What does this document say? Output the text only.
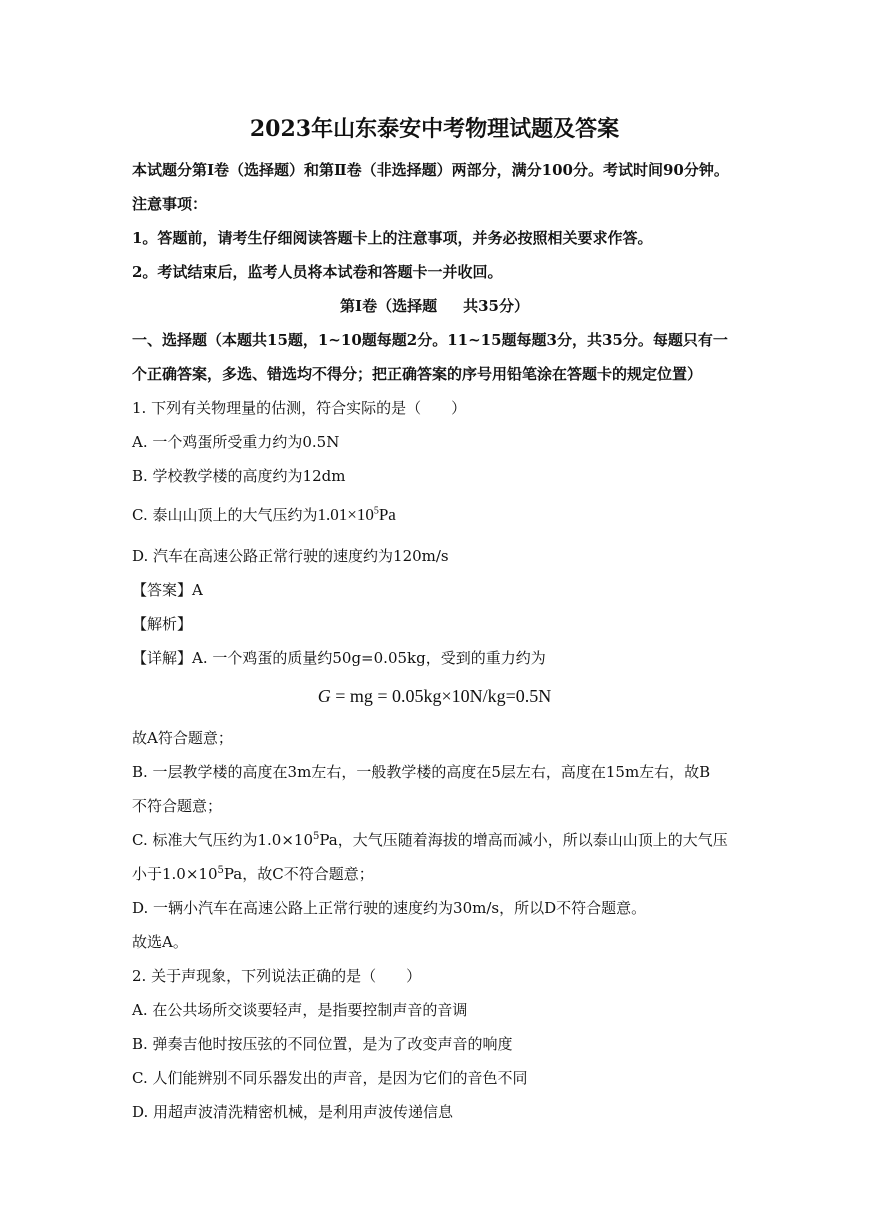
2023年山东泰安中考物理试题及答案
本试题分第Ⅰ卷（选择题）和第Ⅱ卷（非选择题）两部分，满分100分。考试时间90分钟。
注意事项：
1。答题前，请考生仔细阅读答题卡上的注意事项，并务必按照相关要求作答。
2。考试结束后，监考人员将本试卷和答题卡一并收回。
第Ⅰ卷（选择题 共35分）
一、选择题（本题共15题，1~10题每题2分。11~15题每题3分，共35分。每题只有一
个正确答案，多选、错选均不得分；把正确答案的序号用铅笔涂在答题卡的规定位置）
1. 下列有关物理量的估测，符合实际的是（　　）
A. 一个鸡蛋所受重力约为0.5N
B. 学校教学楼的高度约为12dm
C. 泰山山顶上的大气压约为$1.01\times 10^5Pa$
D. 汽车在高速公路正常行驶的速度约为120m/s
【答案】A
【解析】
【详解】A. 一个鸡蛋的质量约50g=0.05kg，受到的重力约为
G = mg = 0.05kg×10N/kg=0.5N
故A符合题意；
B. 一层教学楼的高度在3m左右，一般教学楼的高度在5层左右，高度在15m左右，故B
不符合题意；
C. 标准大气压约为$1.0\times 10^5Pa$，大气压随着海拔的增高而减小，所以泰山山顶上的大气压
小于$1.0\times 10^5Pa$，故C不符合题意；
D. 一辆小汽车在高速公路上正常行驶的速度约为30m/s，所以D不符合题意。
故选A。
2. 关于声现象，下列说法正确的是（　　）
A. 在公共场所交谈要轻声，是指要控制声音的音调
B. 弹奏吉他时按压弦的不同位置，是为了改变声音的响度
C. 人们能辨别不同乐器发出的声音，是因为它们的音色不同
D. 用超声波清洗精密机械，是利用声波传递信息
